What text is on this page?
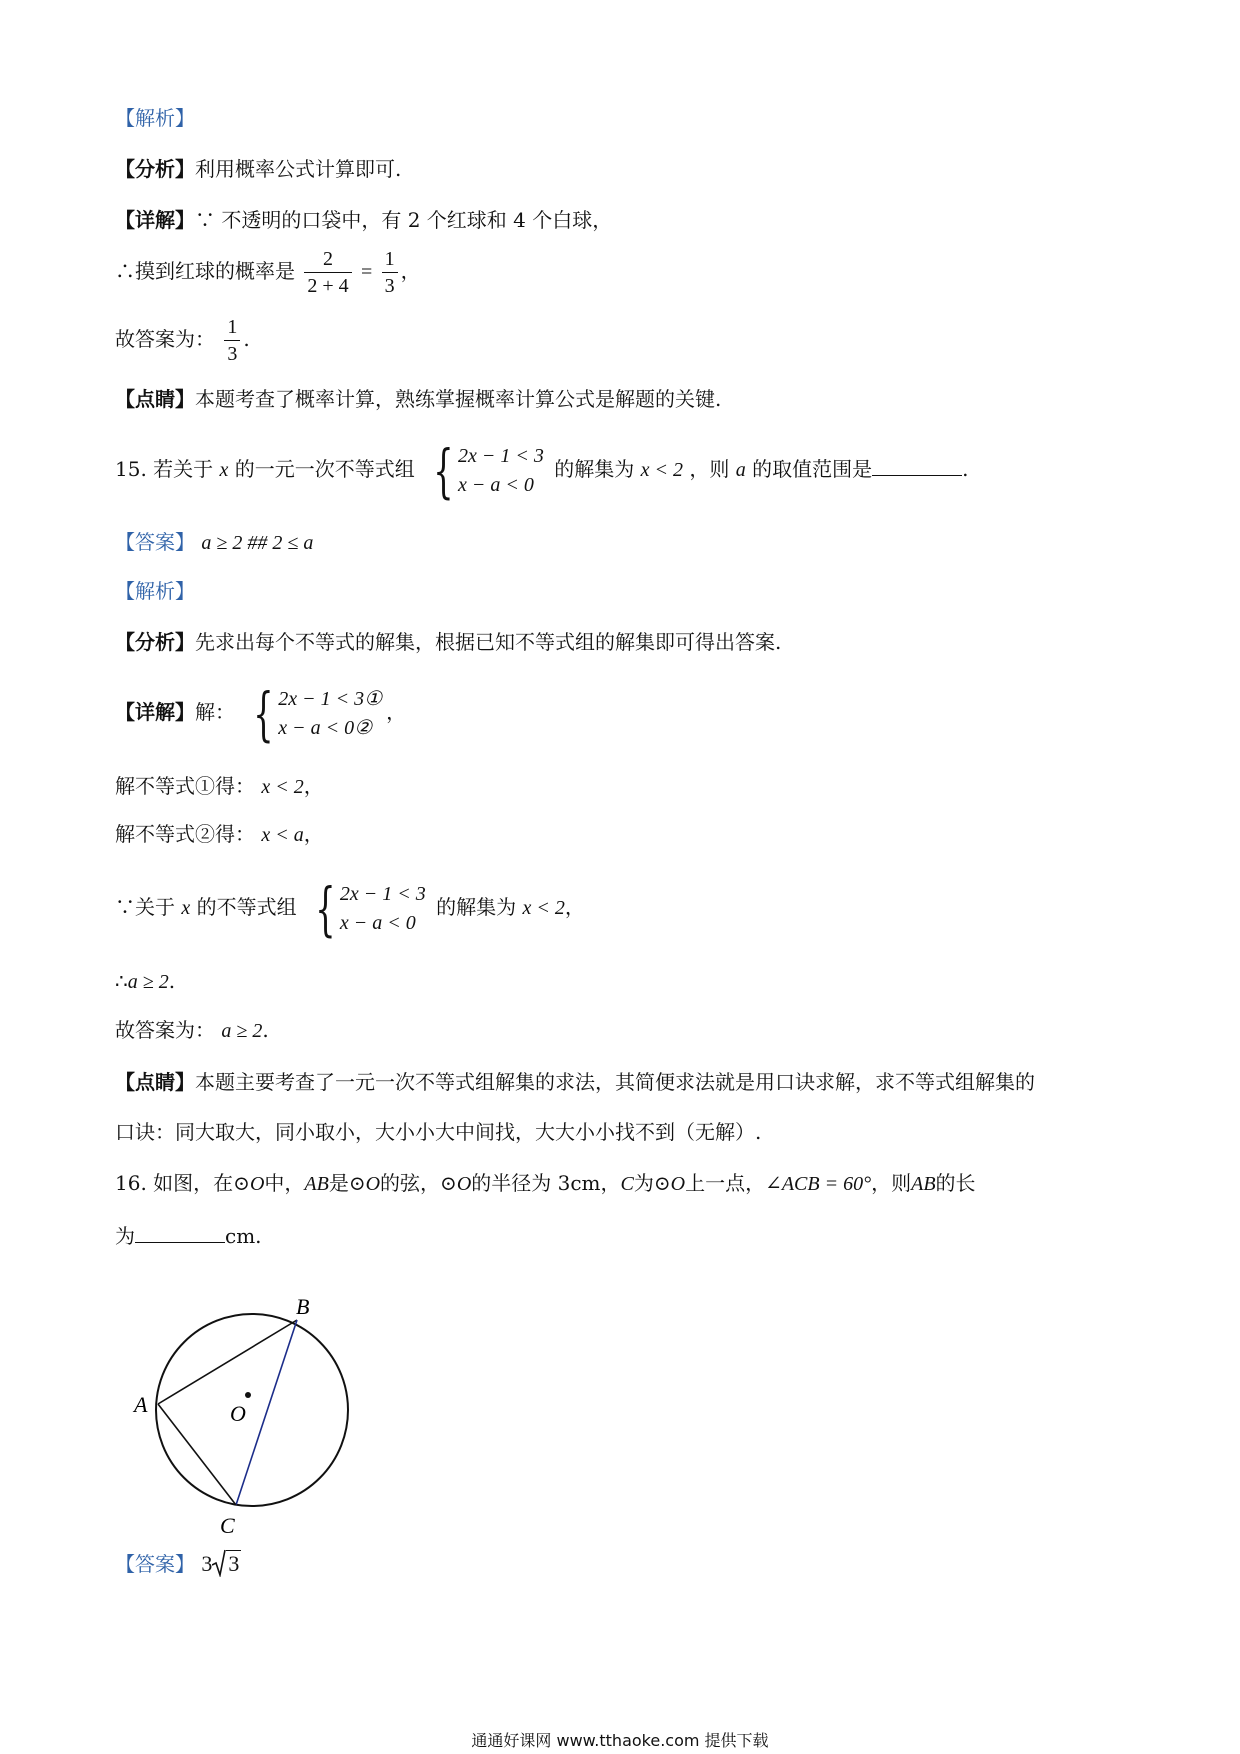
【解析】
【分析】利用概率公式计算即可.
【详解】∵ 不透明的口袋中，有 2 个红球和 4 个白球，
∴摸到红球的概率是 $\frac{2}{2 + 4} = \frac{1}{3}$ ，
故答案为： $\frac{1}{3}$ .
【点睛】本题考查了概率计算，熟练掌握概率计算公式是解题的关键.
15. 若关于 x 的一元一次不等式组 { 2x − 1 < 3
x − a < 0
的解集为 x < 2 ，则 a 的取值范围是	.
【答案】 a ≥ 2 ## 2 ≤ a
【解析】
【分析】先求出每个不等式的解集，根据已知不等式组的解集即可得出答案.
【详解】解： { 2x − 1 < 3①
x − a < 0②
，
解不等式①得： x < 2，
解不等式②得： x < a，
∵关于 x 的不等式组 { 2x − 1 < 3
x − a < 0
的解集为 x < 2，
∴a ≥ 2.
故答案为： a ≥ 2.
【点睛】本题主要考查了一元一次不等式组解集的求法，其简便求法就是用口诀求解，求不等式组解集的
口诀：同大取大，同小取小，大小小大中间找，大大小小找不到（无解）.
16. 如图，在⊙O中，AB是⊙O的弦，⊙O的半径为 3cm，C为⊙O上一点，∠ACB = 60°，则AB的长
为	cm.
A
B
C
O
【答案】 3 3
通通好课网 www.tthaoke.com 提供下载
